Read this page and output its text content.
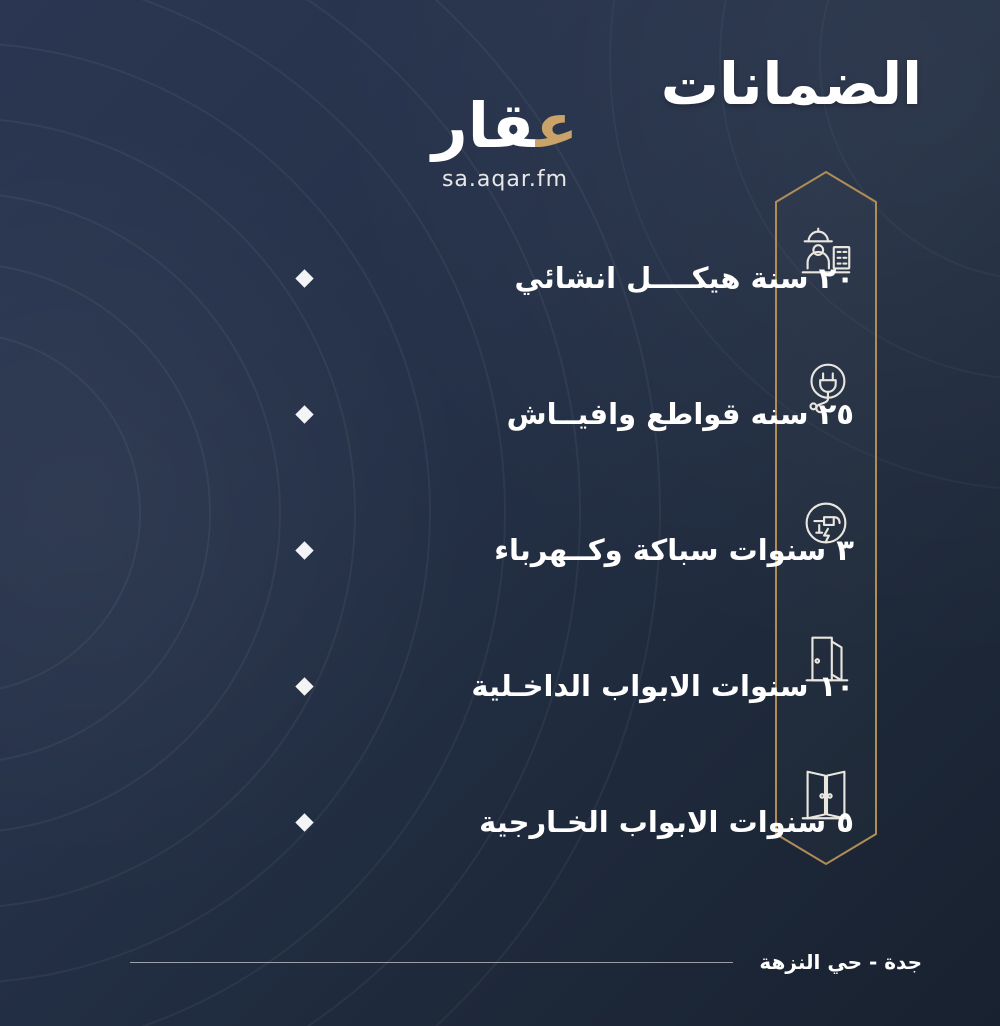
الضمانات
عقار
sa.aqar.fm
٢٠ سنة هيكــــل انشائي
٢٥ سنه قواطع وافيــاش
٣ سنوات سباكة وكــهرباء
١٠ سنوات الابواب الداخـلية
٥ سنوات الابواب الخـارجية
جدة - حي النزهة
